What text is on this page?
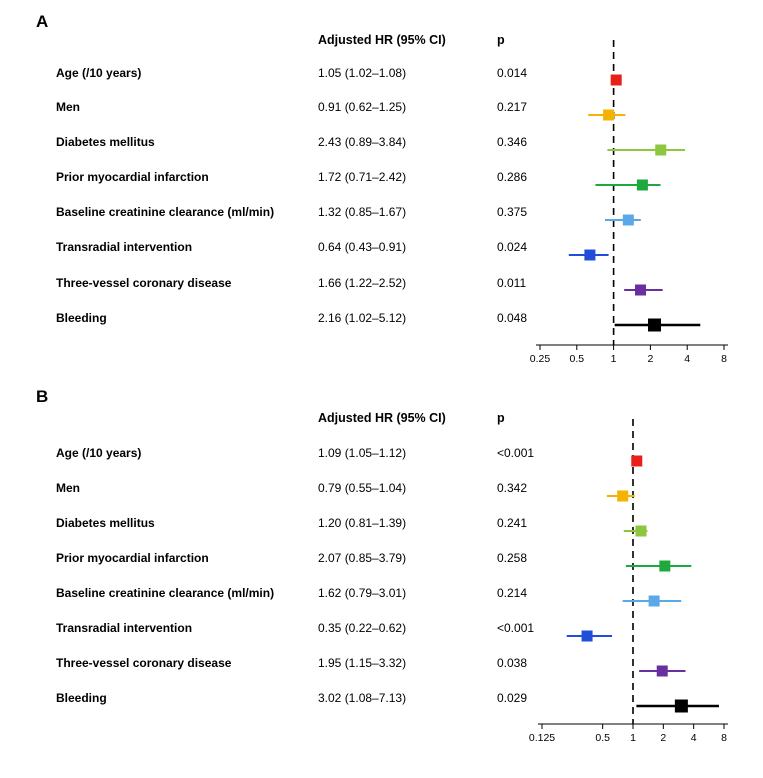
A
Adjusted HR (95% CI)	p
Age (/10 years)	1.05 (1.02–1.08)	0.014
Men	0.91 (0.62–1.25)	0.217
Diabetes mellitus	2.43 (0.89–3.84)	0.346
Prior myocardial infarction	1.72 (0.71–2.42)	0.286
Baseline creatinine clearance (ml/min)	1.32 (0.85–1.67)	0.375
Transradial intervention	0.64 (0.43–0.91)	0.024
Three-vessel coronary disease	1.66 (1.22–2.52)	0.011
Bleeding	2.16 (1.02–5.12)	0.048
0.25 0.5	1	2	4	8
B
Adjusted HR (95% CI)	p
Age (/10 years)	1.09 (1.05–1.12)	<0.001
Men	0.79 (0.55–1.04)	0.342
Diabetes mellitus	1.20 (0.81–1.39)	0.241
Prior myocardial infarction	2.07 (0.85–3.79)	0.258
Baseline creatinine clearance (ml/min)	1.62 (0.79–3.01)	0.214
Transradial intervention	0.35 (0.22–0.62)	<0.001
Three-vessel coronary disease	1.95 (1.15–3.32)	0.038
Bleeding	3.02 (1.08–7.13)	0.029
0.125	0.5 1 2 4 8
